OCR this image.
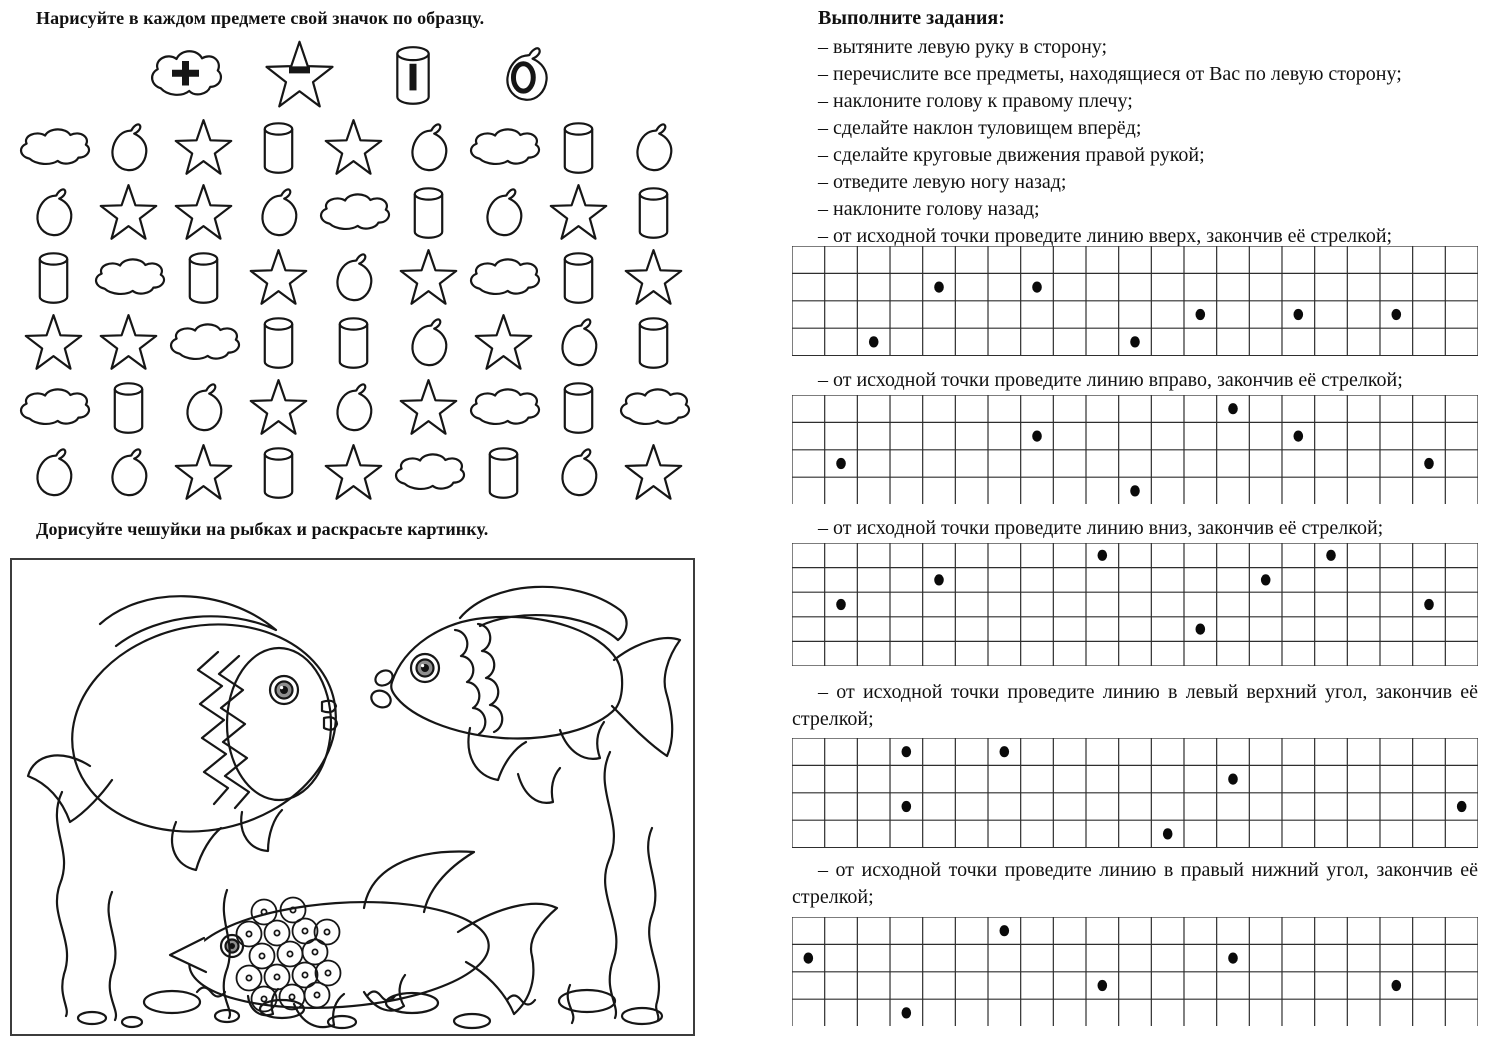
Нарисуйте в каждом предмете свой значок по образцу.
Дорисуйте чешуйки на рыбках и раскрасьте картинку.
Выполните задания:
– вытяните левую руку в сторону;
– перечислите все предметы, находящиеся от Вас по левую сторону;
– наклоните голову к правому плечу;
– сделайте наклон туловищем вперёд;
– сделайте круговые движения правой рукой;
– отведите левую ногу назад;
– наклоните голову назад;
– от исходной точки проведите линию вверх, закончив её стрелкой;

– от исходной точки проведите линию вправо, закончив её стрелкой;

– от исходной точки проведите линию вниз, закончив её стрелкой;

– от исходной точки проведите линию в левый верхний угол, закончив её стрелкой;

– от исходной точки проведите линию в правый нижний угол, закончив её стрелкой;
